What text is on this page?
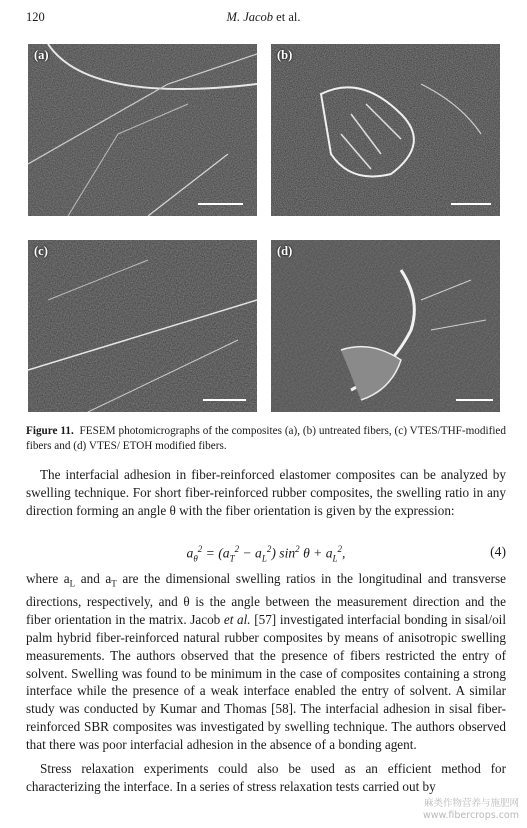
120	M. Jacob et al.
(a)	(b)
(c)	(d)
Figure 11. FESEM photomicrographs of the composites (a), (b) untreated fibers, (c) VTES/THF-modified fibers and (d) VTES/ ETOH modified fibers.

The interfacial adhesion in fiber-reinforced elastomer composites can be analyzed by swelling technique. For short fiber-reinforced rubber composites, the swelling ratio in any direction forming an angle θ with the fiber orientation is given by the expression:

$a_\theta^2 = (a_T^2 - a_L^2)$ $\sin^2 \theta + a_L^2$,	(4)

where $a_L$ and $a_T$ are the dimensional swelling ratios in the longitudinal and transverse directions, respectively, and θ is the angle between the measurement direction and the fiber orientation in the matrix. Jacob et al. [57] investigated interfacial bonding in sisal/oil palm hybrid fiber-reinforced natural rubber composites by means of anisotropic swelling measurements. The authors observed that the presence of fibers restricted the entry of solvent. Swelling was found to be minimum in the case of composites containing a strong interface while the presence of a weak interface enabled the entry of solvent. A similar study was conducted by Kumar and Thomas [58]. The interfacial adhesion in sisal fiber-reinforced SBR composites was investigated by swelling technique. The authors observed that there was poor interfacial adhesion in the absence of a bonding agent.

Stress relaxation experiments could also be used as an efficient method for characterizing the interface. In a series of stress relaxation tests carried out by

麻类作物营养与施肥网
www.fibercrops.com
